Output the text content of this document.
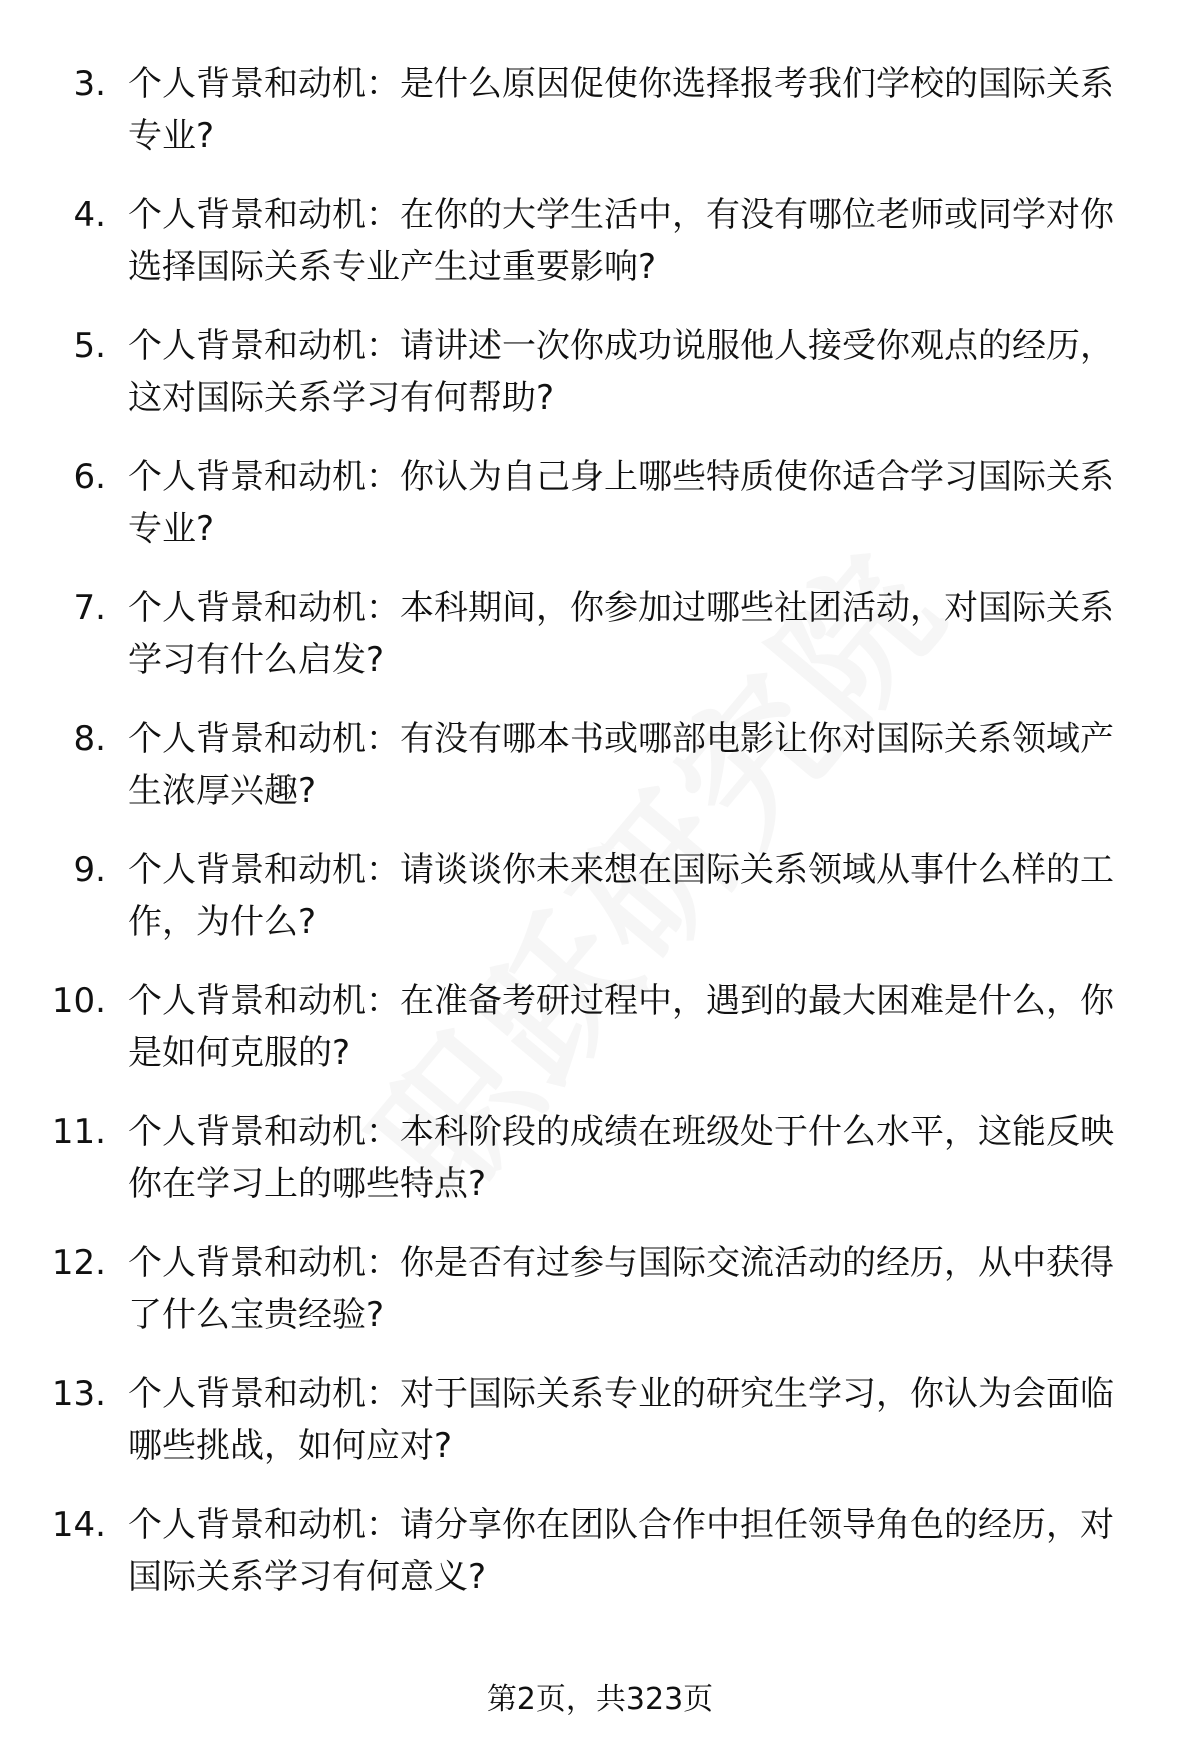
3. 个人背景和动机：是什么原因促使你选择报考我们学校的国际关系专业?
4. 个人背景和动机：在你的大学生活中，有没有哪位老师或同学对你选择国际关系专业产生过重要影响?
5. 个人背景和动机：请讲述一次你成功说服他人接受你观点的经历，这对国际关系学习有何帮助?
6. 个人背景和动机：你认为自己身上哪些特质使你适合学习国际关系专业?
7. 个人背景和动机：本科期间，你参加过哪些社团活动，对国际关系学习有什么启发?
8. 个人背景和动机：有没有哪本书或哪部电影让你对国际关系领域产生浓厚兴趣?
9. 个人背景和动机：请谈谈你未来想在国际关系领域从事什么样的工作，为什么?
10. 个人背景和动机：在准备考研过程中，遇到的最大困难是什么，你是如何克服的?
11. 个人背景和动机：本科阶段的成绩在班级处于什么水平，这能反映你在学习上的哪些特点?
12. 个人背景和动机：你是否有过参与国际交流活动的经历，从中获得了什么宝贵经验?
13. 个人背景和动机：对于国际关系专业的研究生学习，你认为会面临哪些挑战，如何应对?
14. 个人背景和动机：请分享你在团队合作中担任领导角色的经历，对国际关系学习有何意义?
第2页，共323页
